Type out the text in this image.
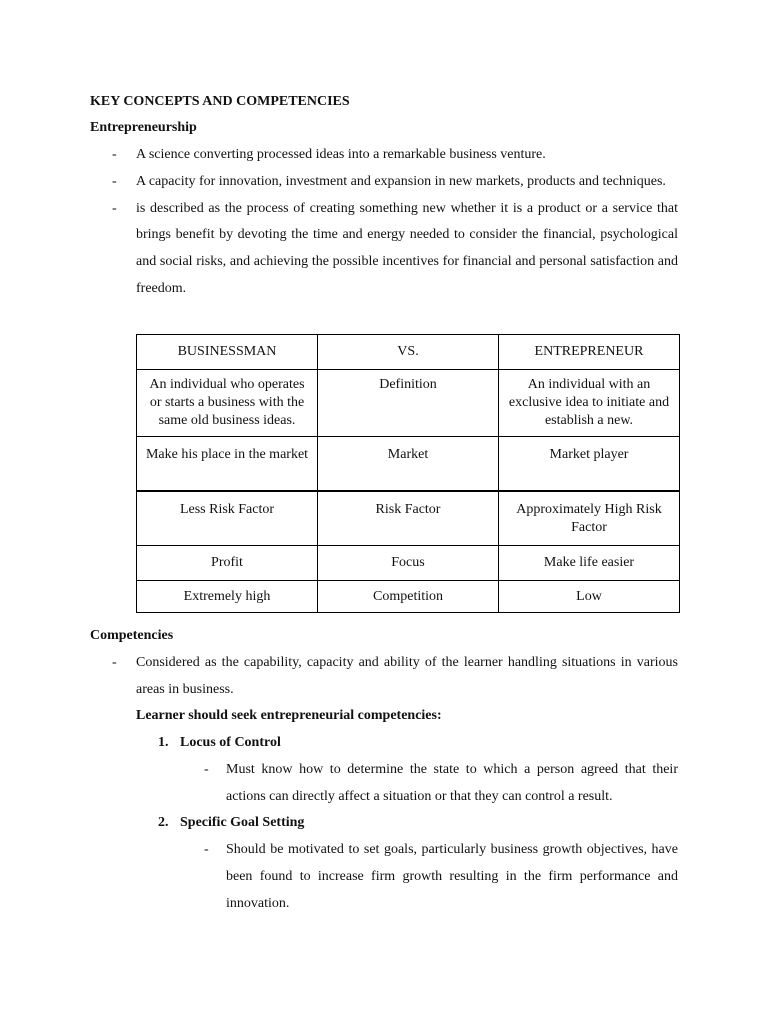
KEY CONCEPTS AND COMPETENCIES
Entrepreneurship
- A science converting processed ideas into a remarkable business venture.
- A capacity for innovation, investment and expansion in new markets, products and techniques.
- is described as the process of creating something new whether it is a product or a service that brings benefit by devoting the time and energy needed to consider the financial, psychological and social risks, and achieving the possible incentives for financial and personal satisfaction and freedom.
BUSINESSMAN	VS.	ENTREPRENEUR
An individual who operates or starts a business with the same old business ideas.	Definition	An individual with an exclusive idea to initiate and establish a new.
Make his place in the market	Market	Market player
Less Risk Factor	Risk Factor	Approximately High Risk Factor
Profit	Focus	Make life easier
Extremely high	Competition	Low
Competencies
- Considered as the capability, capacity and ability of the learner handling situations in various areas in business.
Learner should seek entrepreneurial competencies:
1. Locus of Control
- Must know how to determine the state to which a person agreed that their actions can directly affect a situation or that they can control a result.
2. Specific Goal Setting
- Should be motivated to set goals, particularly business growth objectives, have been found to increase firm growth resulting in the firm performance and innovation.
